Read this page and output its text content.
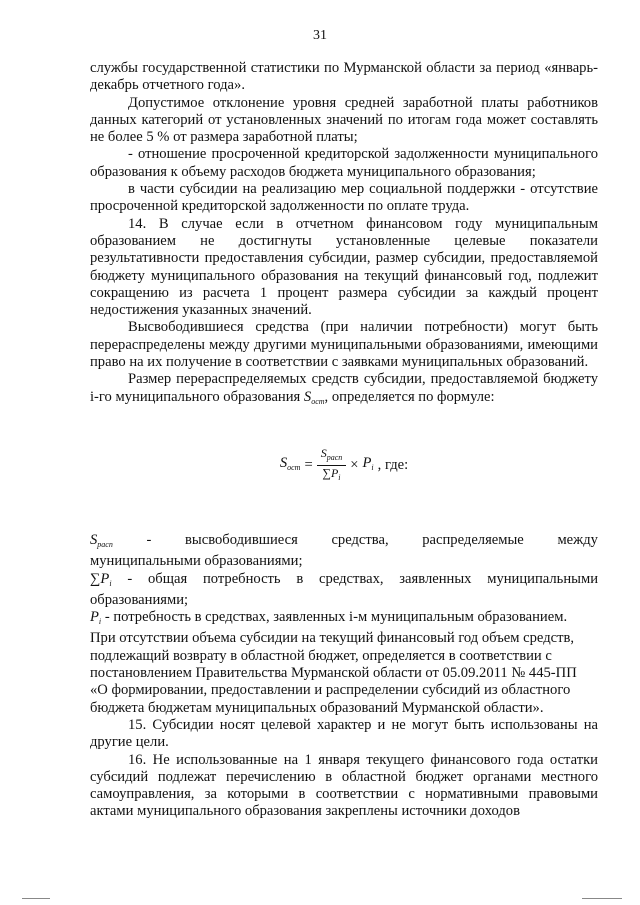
31

службы государственной статистики по Мурманской области за период «январь-декабрь отчетного года».

Допустимое отклонение уровня средней заработной платы работников данных категорий от установленных значений по итогам года может составлять не более 5 % от размера заработной платы;

- отношение просроченной кредиторской задолженности муниципального образования к объему расходов бюджета муниципального образования;

в части субсидии на реализацию мер социальной поддержки - отсутствие просроченной кредиторской задолженности по оплате труда.

14. В случае если в отчетном финансовом году муниципальным образованием не достигнуты установленные целевые показатели результативности предоставления субсидии, размер субсидии, предоставляемой бюджету муниципального образования на текущий финансовый год, подлежит сокращению из расчета 1 процент размера субсидии за каждый процент недостижения указанных значений.

Высвободившиеся средства (при наличии потребности) могут быть перераспределены между другими муниципальными образованиями, имеющими право на их получение в соответствии с заявками муниципальных образований.

Размер перераспределяемых средств субсидии, предоставляемой бюджету i-го муниципального образования $S_{ост}$, определяется по формуле:

$S_{ост} = \frac{S_{расп}}{\sum P_i} \times P_i$ , где:
$S_{расп}$ - высвободившиеся средства, распределяемые между

муниципальными образованиями;

$\sum P_i$ - общая потребность в средствах, заявленных муниципальными образованиями;

$P_i$ - потребность в средствах, заявленных i-м муниципальным образованием.

При отсутствии объема субсидии на текущий финансовый год объем средств, подлежащий возврату в областной бюджет, определяется в соответствии с постановлением Правительства Мурманской области от 05.09.2011 № 445-ПП «О формировании, предоставлении и распределении субсидий из областного бюджета бюджетам муниципальных образований Мурманской области».

15. Субсидии носят целевой характер и не могут быть использованы на другие цели.

16. Не использованные на 1 января текущего финансового года остатки субсидий подлежат перечислению в областной бюджет органами местного самоуправления, за которыми в соответствии с нормативными правовыми актами муниципального образования закреплены источники доходов
